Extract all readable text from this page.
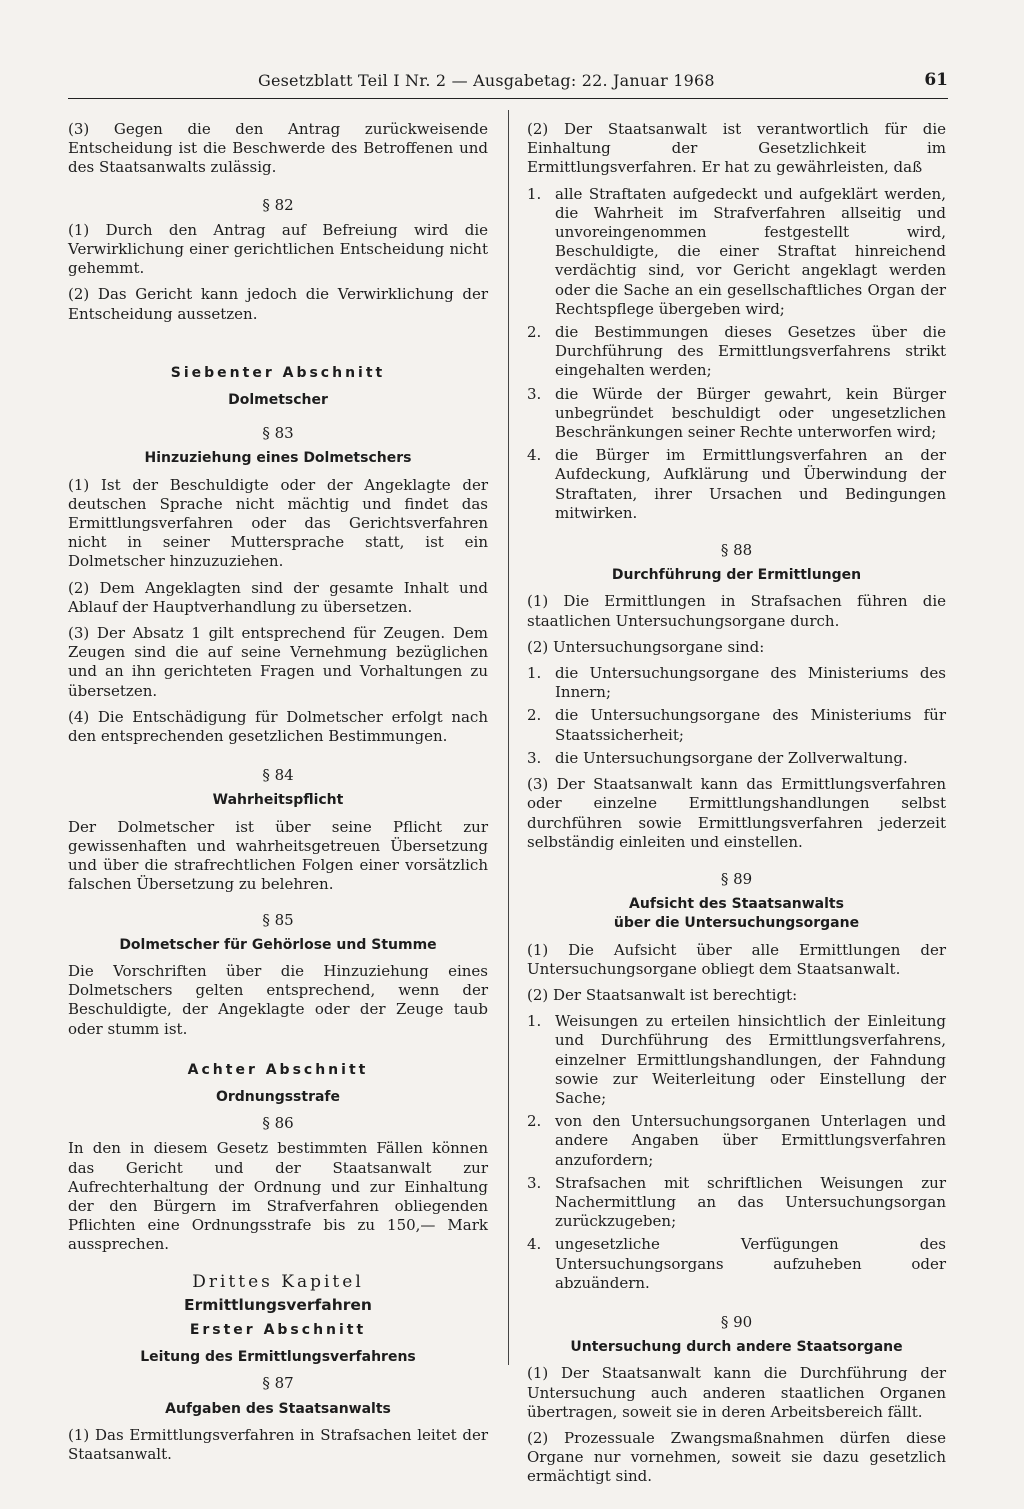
Gesetzblatt Teil I Nr. 2 — Ausgabetag: 22. Januar 1968	61

(3) Gegen die den Antrag zurückweisende Entscheidung ist die Beschwerde des Betroffenen und des Staatsanwalts zulässig.

§ 82

(1) Durch den Antrag auf Befreiung wird die Verwirklichung einer gerichtlichen Entscheidung nicht gehemmt.

(2) Das Gericht kann jedoch die Verwirklichung der Entscheidung aussetzen.

Siebenter Abschnitt

Dolmetscher

§ 83

Hinzuziehung eines Dolmetschers

(1) Ist der Beschuldigte oder der Angeklagte der deutschen Sprache nicht mächtig und findet das Ermittlungsverfahren oder das Gerichtsverfahren nicht in seiner Muttersprache statt, ist ein Dolmetscher hinzuzuziehen.

(2) Dem Angeklagten sind der gesamte Inhalt und Ablauf der Hauptverhandlung zu übersetzen.

(3) Der Absatz 1 gilt entsprechend für Zeugen. Dem Zeugen sind die auf seine Vernehmung bezüglichen und an ihn gerichteten Fragen und Vorhaltungen zu übersetzen.

(4) Die Entschädigung für Dolmetscher erfolgt nach den entsprechenden gesetzlichen Bestimmungen.

§ 84

Wahrheitspflicht

Der Dolmetscher ist über seine Pflicht zur gewissenhaften und wahrheitsgetreuen Übersetzung und über die strafrechtlichen Folgen einer vorsätzlich falschen Übersetzung zu belehren.

§ 85

Dolmetscher für Gehörlose und Stumme

Die Vorschriften über die Hinzuziehung eines Dolmetschers gelten entsprechend, wenn der Beschuldigte, der Angeklagte oder der Zeuge taub oder stumm ist.

Achter Abschnitt

Ordnungsstrafe

§ 86

In den in diesem Gesetz bestimmten Fällen können das Gericht und der Staatsanwalt zur Aufrechterhaltung der Ordnung und zur Einhaltung der den Bürgern im Strafverfahren obliegenden Pflichten eine Ordnungsstrafe bis zu 150,— Mark aussprechen.

Drittes Kapitel

Ermittlungsverfahren

Erster Abschnitt

Leitung des Ermittlungsverfahrens

§ 87

Aufgaben des Staatsanwalts

(1) Das Ermittlungsverfahren in Strafsachen leitet der Staatsanwalt.

(2) Der Staatsanwalt ist verantwortlich für die Einhaltung der Gesetzlichkeit im Ermittlungsverfahren. Er hat zu gewährleisten, daß

1. alle Straftaten aufgedeckt und aufgeklärt werden, die Wahrheit im Strafverfahren allseitig und unvoreingenommen festgestellt wird, Beschuldigte, die einer Straftat hinreichend verdächtig sind, vor Gericht angeklagt werden oder die Sache an ein gesellschaftliches Organ der Rechtspflege übergeben wird;
2. die Bestimmungen dieses Gesetzes über die Durchführung des Ermittlungsverfahrens strikt eingehalten werden;
3. die Würde der Bürger gewahrt, kein Bürger unbegründet beschuldigt oder ungesetzlichen Beschränkungen seiner Rechte unterworfen wird;
4. die Bürger im Ermittlungsverfahren an der Aufdeckung, Aufklärung und Überwindung der Straftaten, ihrer Ursachen und Bedingungen mitwirken.

§ 88

Durchführung der Ermittlungen

(1) Die Ermittlungen in Strafsachen führen die staatlichen Untersuchungsorgane durch.

(2) Untersuchungsorgane sind:

1. die Untersuchungsorgane des Ministeriums des Innern;
2. die Untersuchungsorgane des Ministeriums für Staatssicherheit;
3. die Untersuchungsorgane der Zollverwaltung.

(3) Der Staatsanwalt kann das Ermittlungsverfahren oder einzelne Ermittlungshandlungen selbst durchführen sowie Ermittlungsverfahren jederzeit selbständig einleiten und einstellen.

§ 89

Aufsicht des Staatsanwalts

über die Untersuchungsorgane

(1) Die Aufsicht über alle Ermittlungen der Untersuchungsorgane obliegt dem Staatsanwalt.

(2) Der Staatsanwalt ist berechtigt:

1. Weisungen zu erteilen hinsichtlich der Einleitung und Durchführung des Ermittlungsverfahrens, einzelner Ermittlungshandlungen, der Fahndung sowie zur Weiterleitung oder Einstellung der Sache;
2. von den Untersuchungsorganen Unterlagen und andere Angaben über Ermittlungsverfahren anzufordern;
3. Strafsachen mit schriftlichen Weisungen zur Nachermittlung an das Untersuchungsorgan zurückzugeben;
4. ungesetzliche Verfügungen des Untersuchungsorgans aufzuheben oder abzuändern.

§ 90

Untersuchung durch andere Staatsorgane

(1) Der Staatsanwalt kann die Durchführung der Untersuchung auch anderen staatlichen Organen übertragen, soweit sie in deren Arbeitsbereich fällt.

(2) Prozessuale Zwangsmaßnahmen dürfen diese Organe nur vornehmen, soweit sie dazu gesetzlich ermächtigt sind.
